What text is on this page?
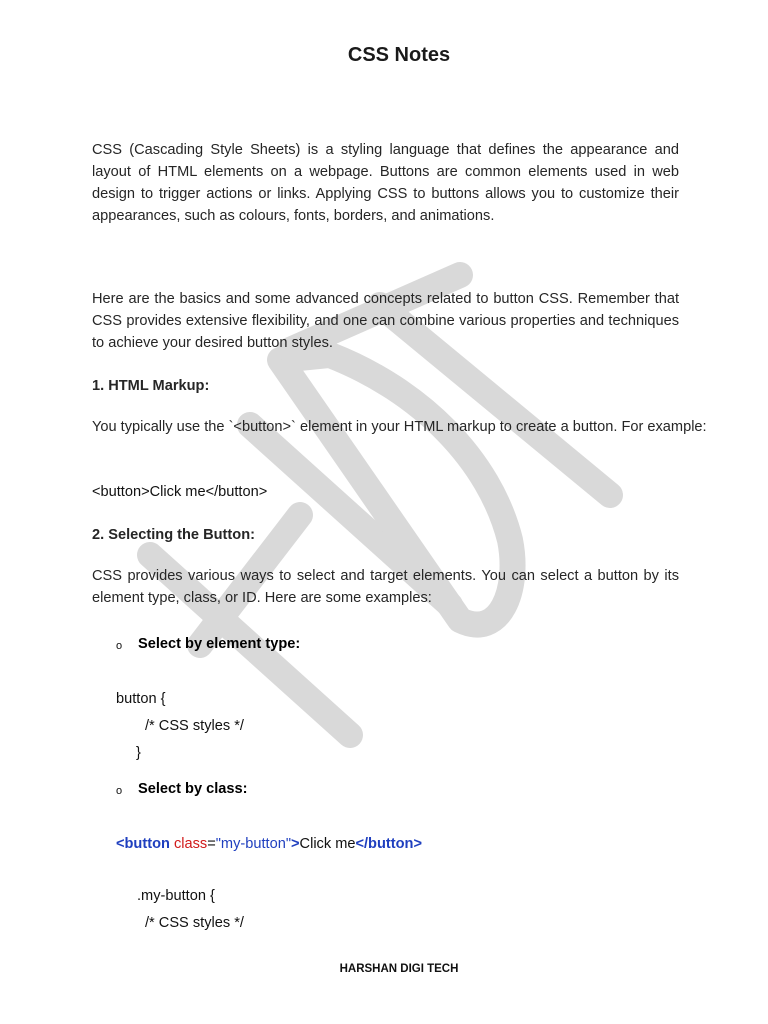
CSS Notes

CSS (Cascading Style Sheets) is a styling language that defines the appearance and layout of HTML elements on a webpage. Buttons are common elements used in web design to trigger actions or links. Applying CSS to buttons allows you to customize their appearances, such as colours, fonts, borders, and animations.

Here are the basics and some advanced concepts related to button CSS. Remember that CSS provides extensive flexibility, and one can combine various properties and techniques to achieve your desired button styles.

1. HTML Markup:

You typically use the `<button>` element in your HTML markup to create a button. For example:

<button>Click me</button>

2. Selecting the Button:

CSS provides various ways to select and target elements. You can select a button by its element type, class, or ID. Here are some examples:

o Select by element type:

button {

/* CSS styles */

}

o Select by class:

<button class="my-button">Click me</button>

.my-button {

/* CSS styles */

HARSHAN DIGI TECH
